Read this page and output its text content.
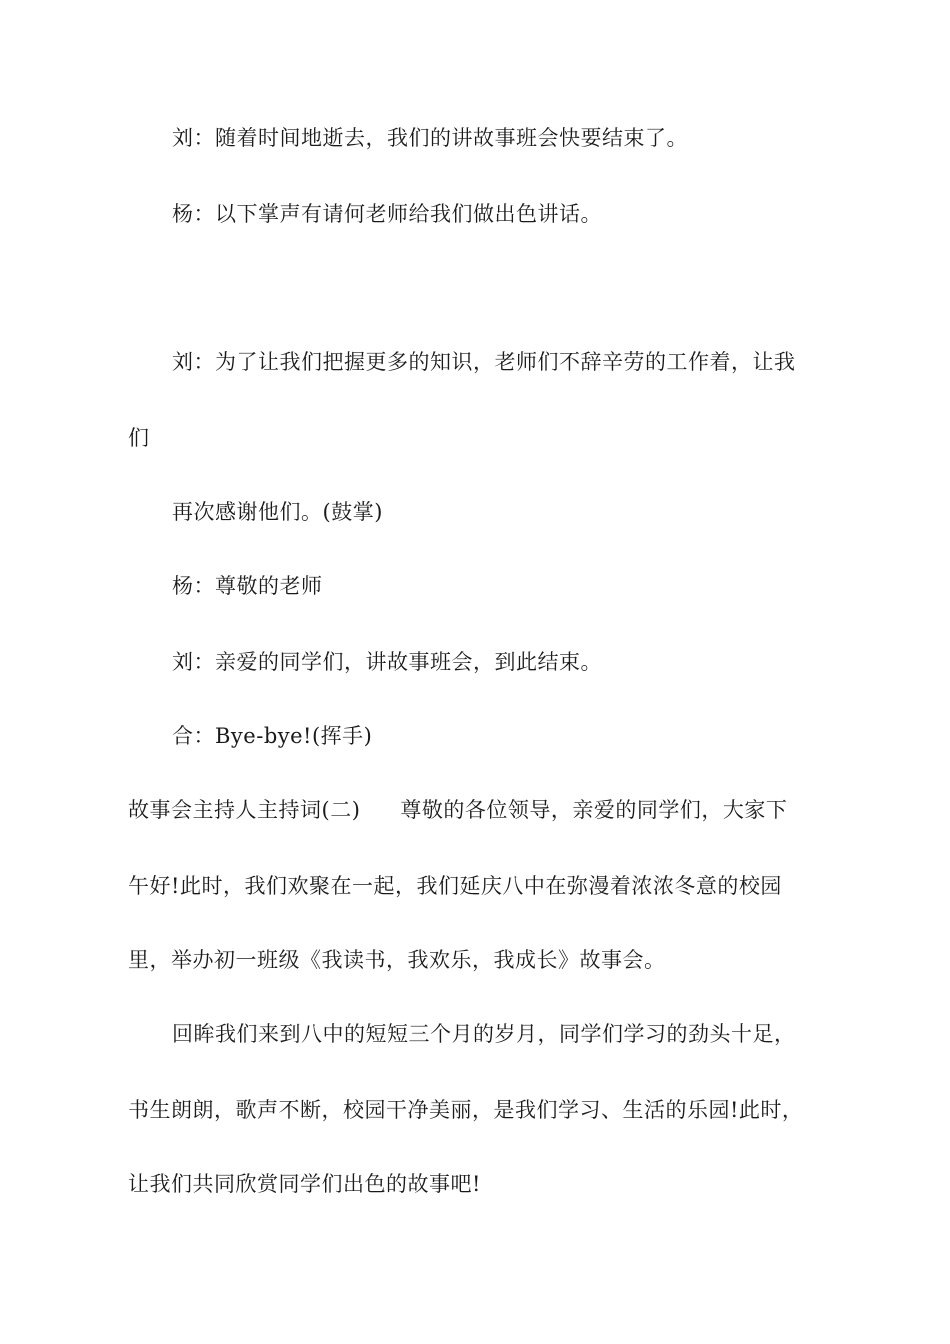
刘：随着时间地逝去，我们的讲故事班会快要结束了。
杨：以下掌声有请何老师给我们做出色讲话。
刘：为了让我们把握更多的知识，老师们不辞辛劳的工作着，让我
们
再次感谢他们。(鼓掌)
杨：尊敬的老师
刘：亲爱的同学们，讲故事班会，到此结束。
合：Bye-bye!(挥手)
故事会主持人主持词(二) 尊敬的各位领导，亲爱的同学们，大家下
午好!此时，我们欢聚在一起，我们延庆八中在弥漫着浓浓冬意的校园
里，举办初一班级《我读书，我欢乐，我成长》故事会。
回眸我们来到八中的短短三个月的岁月，同学们学习的劲头十足，
书生朗朗，歌声不断，校园干净美丽，是我们学习、生活的乐园!此时，
让我们共同欣赏同学们出色的故事吧!
